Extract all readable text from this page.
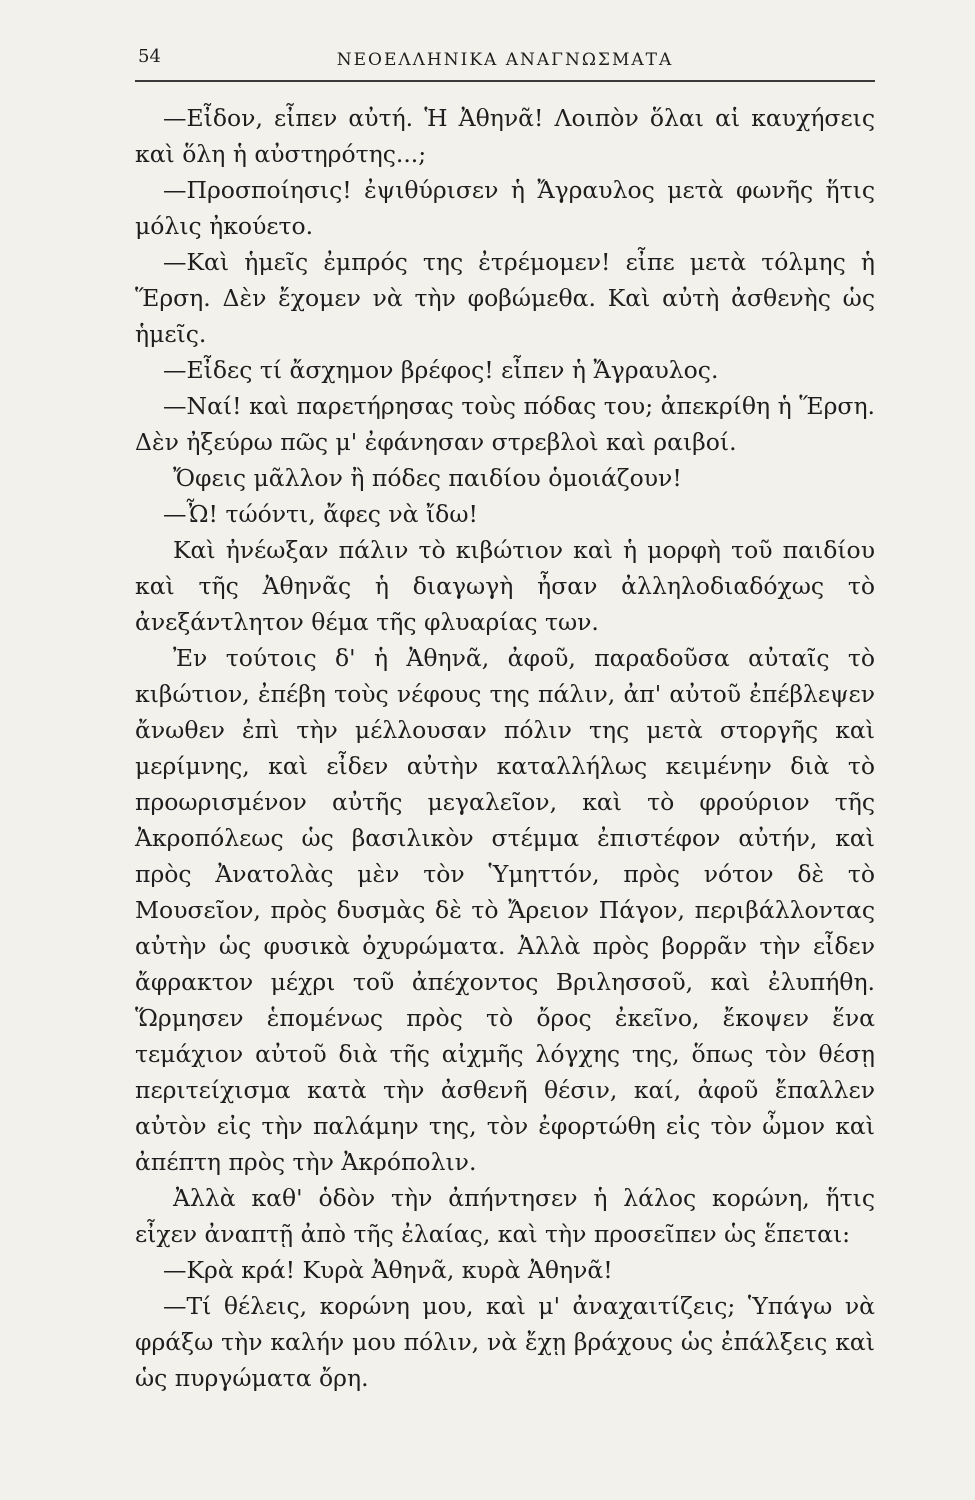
54	ΝΕΟΕΛΛΗΝΙΚΑ ΑΝΑΓΝΩΣΜΑΤΑ

—Εἶδον, εἶπεν αὐτή. Ἡ Ἀθηνᾶ! Λοιπὸν ὅλαι αἱ καυχήσεις καὶ ὅλη ἡ αὐστηρότης...;

—Προσποίησις! ἐψιθύρισεν ἡ Ἄγραυλος μετὰ φωνῆς ἥτις μόλις ἠκούετο.

—Καὶ ἡμεῖς ἐμπρός της ἐτρέμομεν! εἶπε μετὰ τόλμης ἡ Ἕρση. Δὲν ἔχομεν νὰ τὴν φοβώμεθα. Καὶ αὐτὴ ἀσθενὴς ὡς ἡμεῖς.

—Εἶδες τί ἄσχημον βρέφος! εἶπεν ἡ Ἄγραυλος.

—Ναί! καὶ παρετήρησας τοὺς πόδας του; ἀπεκρίθη ἡ Ἕρση. Δὲν ἠξεύρω πῶς μ' ἐφάνησαν στρεβλοὶ καὶ ραιβοί.

Ὄφεις μᾶλλον ἢ πόδες παιδίου ὁμοιάζουν!

—Ὦ! τώόντι, ἄφες νὰ ἴδω!

Καὶ ἠνέωξαν πάλιν τὸ κιβώτιον καὶ ἡ μορφὴ τοῦ παιδίου καὶ τῆς Ἀθηνᾶς ἡ διαγωγὴ ἦσαν ἀλληλοδιαδόχως τὸ ἀνεξάντλητον θέμα τῆς φλυαρίας των.

Ἐν τούτοις δ' ἡ Ἀθηνᾶ, ἀφοῦ, παραδοῦσα αὐταῖς τὸ κιβώτιον, ἐπέβη τοὺς νέφους της πάλιν, ἀπ' αὐτοῦ ἐπέβλεψεν ἄνωθεν ἐπὶ τὴν μέλλουσαν πόλιν της μετὰ στοργῆς καὶ μερίμνης, καὶ εἶδεν αὐτὴν καταλλήλως κειμένην διὰ τὸ προωρισμένον αὐτῆς μεγαλεῖον, καὶ τὸ φρούριον τῆς Ἀκροπόλεως ὡς βασιλικὸν στέμμα ἐπιστέφον αὐτήν, καὶ πρὸς Ἀνατολὰς μὲν τὸν Ὑμηττόν, πρὸς νότον δὲ τὸ Μουσεῖον, πρὸς δυσμὰς δὲ τὸ Ἄρειον Πάγον, περιβάλλοντας αὐτὴν ὡς φυσικὰ ὀχυρώματα. Ἀλλὰ πρὸς βορρᾶν τὴν εἶδεν ἄφρακτον μέχρι τοῦ ἀπέχοντος Βριλησσοῦ, καὶ ἐλυπήθη. Ὥρμησεν ἑπομένως πρὸς τὸ ὄρος ἐκεῖνο, ἔκοψεν ἕνα τεμάχιον αὐτοῦ διὰ τῆς αἰχμῆς λόγχης της, ὅπως τὸν θέσῃ περιτείχισμα κατὰ τὴν ἀσθενῆ θέσιν, καί, ἀφοῦ ἔπαλλεν αὐτὸν εἰς τὴν παλάμην της, τὸν ἐφορτώθη εἰς τὸν ὦμον καὶ ἀπέπτη πρὸς τὴν Ἀκρόπολιν.

Ἀλλὰ καθ' ὁδὸν τὴν ἀπήντησεν ἡ λάλος κορώνη, ἥτις εἶχεν ἀναπτῇ ἀπὸ τῆς ἐλαίας, καὶ τὴν προσεῖπεν ὡς ἕπεται:

—Κρὰ κρά! Κυρὰ Ἀθηνᾶ, κυρὰ Ἀθηνᾶ!

—Τί θέλεις, κορώνη μου, καὶ μ' ἀναχαιτίζεις; Ὑπάγω νὰ φράξω τὴν καλήν μου πόλιν, νὰ ἔχῃ βράχους ὡς ἐπάλξεις καὶ ὡς πυργώματα ὄρη.
